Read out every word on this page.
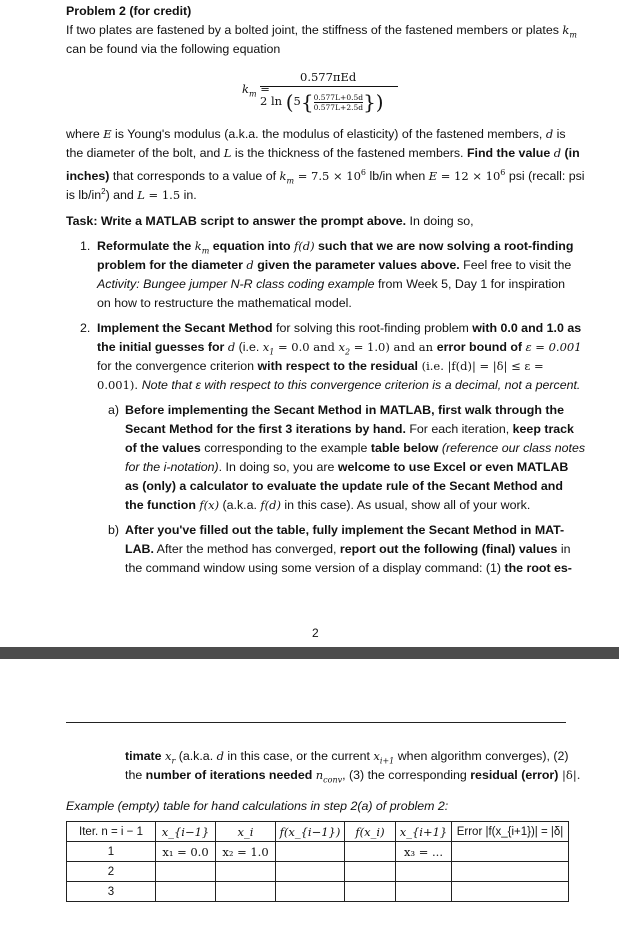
Problem 2 (for credit)

If two plates are fastened by a bolted joint, the stiffness of the fastened members or plates $k_m$

can be found via the following equation

$k_m$ =
0.577πEd
2 $\ln (5\{ \frac{0.577L+0.5d}{0.577L+2.5d}$ })

where E is Young's modulus (a.k.a. the modulus of elasticity) of the fastened members, d is

the diameter of the bolt, and L is the thickness of the fastened members. Find the value d (in

inches) that corresponds to a value of $k_m = 7.5 \times 10^6$ lb/in when $E = 12 \times 10^6$ psi (recall: psi

is $lb/in^2$) and L = 1.5 in.

Task: Write a MATLAB script to answer the prompt above. In doing so,

1. Reformulate the $k_m$ equation into f(d) such that we are now solving a root-finding

problem for the diameter d given the parameter values above. Feel free to visit the

Activity: Bungee jumper N-R class coding example from Week 5, Day 1 for inspiration

on how to restructure the mathematical model.

2. Implement the Secant Method for solving this root-finding problem with 0.0 and 1.0 as

the initial guesses for d (i.e. $x_1 = 0.0$ and $x_2 = 1.0$) and an error bound of ε = 0.001

for the convergence criterion with respect to the residual (i.e. |f(d)| = |δ| ≤ ε =

0.001). Note that ε with respect to this convergence criterion is a decimal, not a percent.

a) Before implementing the Secant Method in MATLAB, first walk through the

Secant Method for the first 3 iterations by hand. For each iteration, keep track

of the values corresponding to the example table below (reference our class notes

for the i-notation). In doing so, you are welcome to use Excel or even MATLAB

as (only) a calculator to evaluate the update rule of the Secant Method and

the function f(x) (a.k.a. f(d) in this case). As usual, show all of your work.

b) After you've filled out the table, fully implement the Secant Method in MAT-

LAB. After the method has converged, report out the following (final) values in

the command window using some version of a display command: (1) the root es-

2

timate $x_r$ (a.k.a. d in this case, or the current $x_{i+1}$ when algorithm converges), (2)

the number of iterations needed $n_{conv}$, (3) the corresponding residual (error) |δ|.

Example (empty) table for hand calculations in step 2(a) of problem 2:

Iter. n = i − 1	x_{i−1}	x_i	f(x_{i−1})	f(x_i)	x_{i+1}	Error |f(x_{i+1})| = |δ|
1	x₁ = 0.0	x₂ = 1.0			x₃ = ...	
2						
3						
